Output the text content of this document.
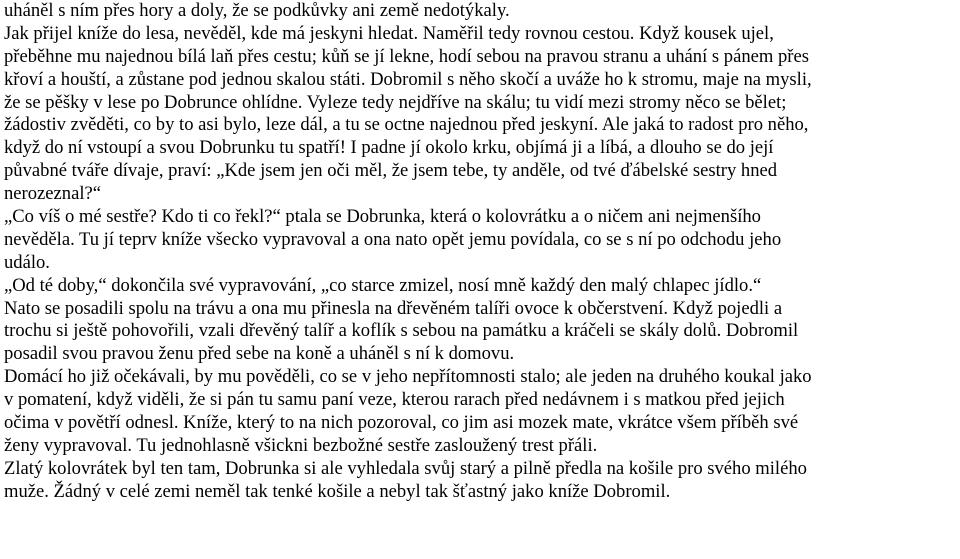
uháněl s ním přes hory a doly, že se podkůvky ani země nedotýkaly.
Jak přijel kníže do lesa, nevěděl, kde má jeskyni hledat. Naměřil tedy rovnou cestou. Když kousek ujel,
přeběhne mu najednou bílá laň přes cestu; kůň se jí lekne, hodí sebou na pravou stranu a uhání s pánem přes
křoví a houští, a zůstane pod jednou skalou státi. Dobromil s něho skočí a uváže ho k stromu, maje na mysli,
že se pěšky v lese po Dobrunce ohlídne. Vyleze tedy nejdříve na skálu; tu vidí mezi stromy něco se bělet;
žádostiv zvěděti, co by to asi bylo, leze dál, a tu se octne najednou před jeskyní. Ale jaká to radost pro něho,
když do ní vstoupí a svou Dobrunku tu spatří! I padne jí okolo krku, objímá ji a líbá, a dlouho se do její
půvabné tváře dívaje, praví: „Kde jsem jen oči měl, že jsem tebe, ty anděle, od tvé ďábelské sestry hned
nerozeznal?“
„Co víš o mé sestře? Kdo ti co řekl?“ ptala se Dobrunka, která o kolovrátku a o ničem ani nejmenšího
nevěděla. Tu jí teprv kníže všecko vypravoval a ona nato opět jemu povídala, co se s ní po odchodu jeho
událo.
„Od té doby,“ dokončila své vypravování, „co starce zmizel, nosí mně každý den malý chlapec jídlo.“
Nato se posadili spolu na trávu a ona mu přinesla na dřevěném talíři ovoce k občerstvení. Když pojedli a
trochu si ještě pohovořili, vzali dřevěný talíř a koflík s sebou na památku a kráčeli se skály dolů. Dobromil
posadil svou pravou ženu před sebe na koně a uháněl s ní k domovu.
Domácí ho již očekávali, by mu pověděli, co se v jeho nepřítomnosti stalo; ale jeden na druhého koukal jako
v pomatení, když viděli, že si pán tu samu paní veze, kterou rarach před nedávnem i s matkou před jejich
očima v povětří odnesl. Kníže, který to na nich pozoroval, co jim asi mozek mate, vkrátce všem příběh své
ženy vypravoval. Tu jednohlasně všickni bezbožné sestře zasloužený trest přáli.
Zlatý kolovrátek byl ten tam, Dobrunka si ale vyhledala svůj starý a pilně předla na košile pro svého milého
muže. Žádný v celé zemi neměl tak tenké košile a nebyl tak šťastný jako kníže Dobromil.
